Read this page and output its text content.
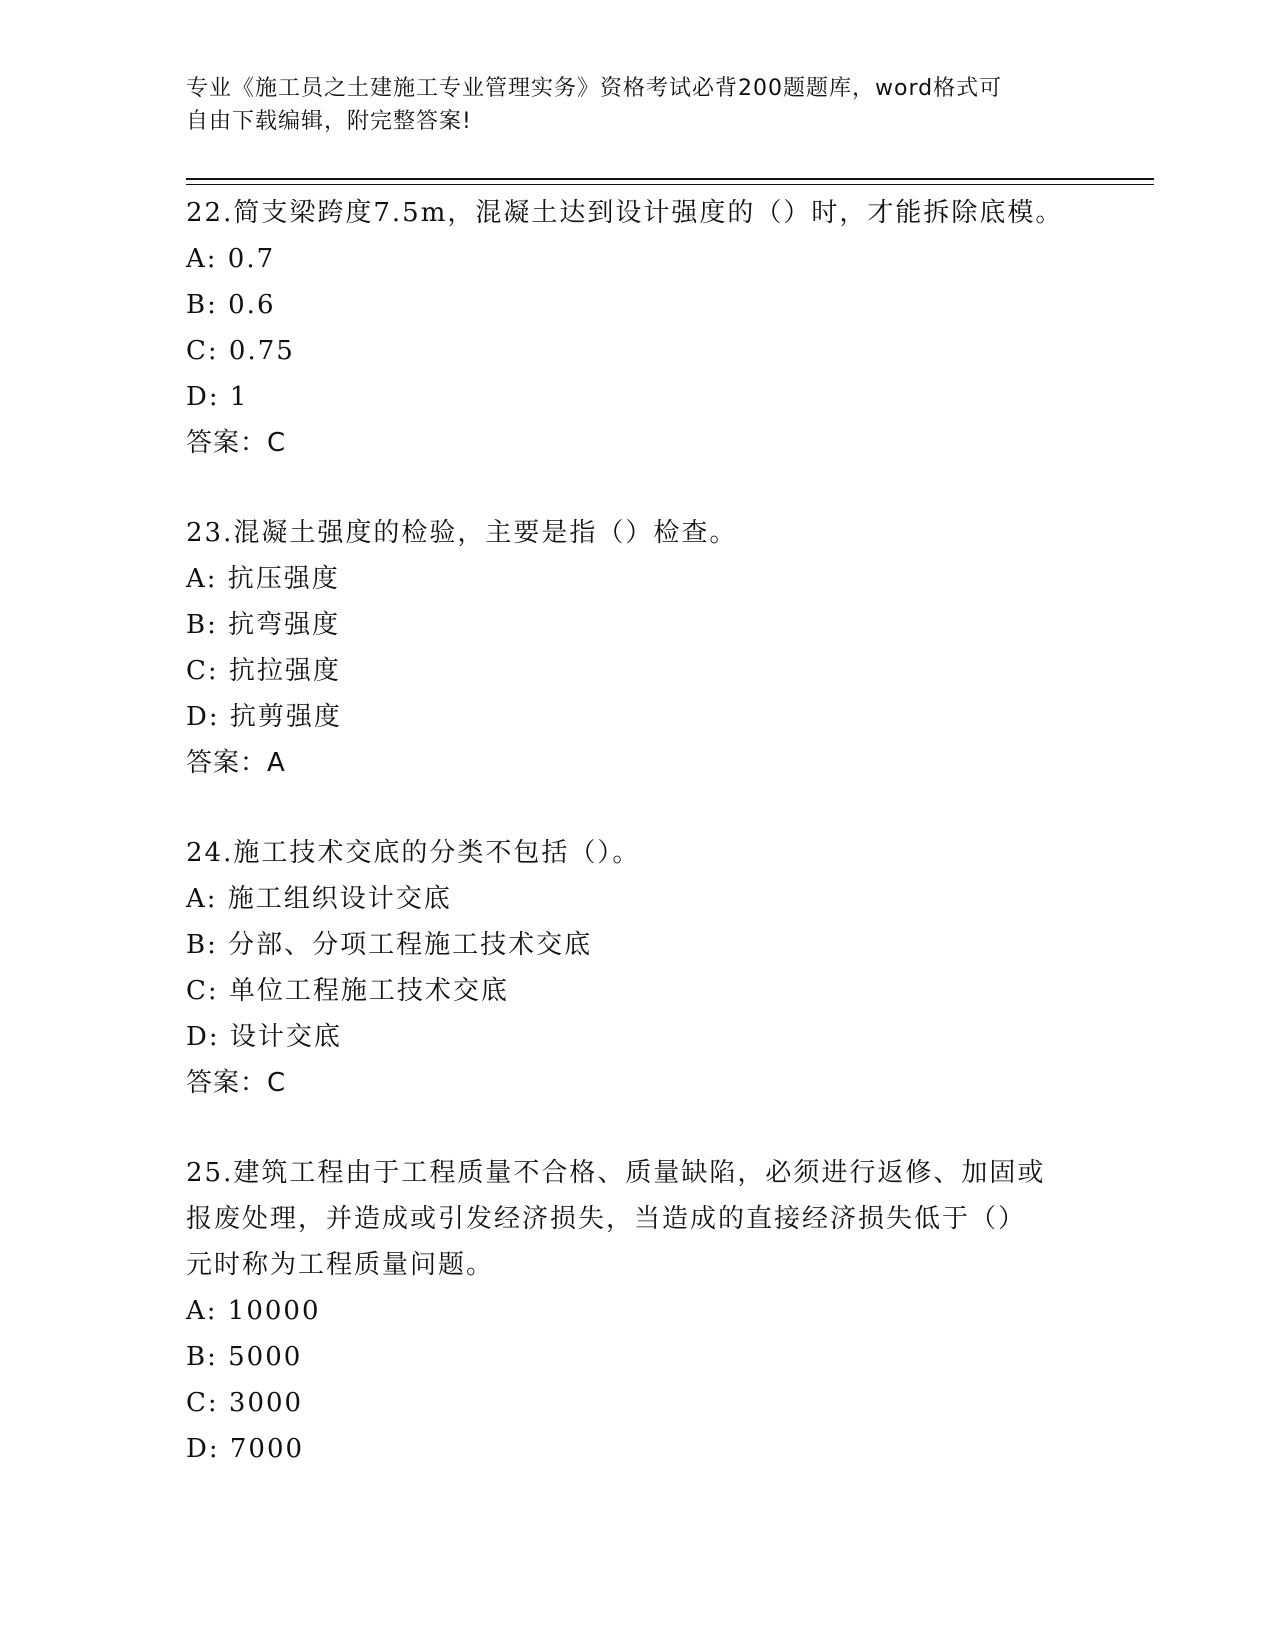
专业《施工员之土建施工专业管理实务》资格考试必背200题题库，word格式可
自由下载编辑，附完整答案!
22.简支梁跨度7.5m，混凝土达到设计强度的（）时，才能拆除底模。
A: 0.7
B: 0.6
C: 0.75
D: 1
答案：C
23.混凝土强度的检验，主要是指（）检查。
A: 抗压强度
B: 抗弯强度
C: 抗拉强度
D: 抗剪强度
答案：A
24.施工技术交底的分类不包括（）。
A: 施工组织设计交底
B: 分部、分项工程施工技术交底
C: 单位工程施工技术交底
D: 设计交底
答案：C
25.建筑工程由于工程质量不合格、质量缺陷，必须进行返修、加固或
报废处理，并造成或引发经济损失，当造成的直接经济损失低于（）
元时称为工程质量问题。
A: 10000
B: 5000
C: 3000
D: 7000
